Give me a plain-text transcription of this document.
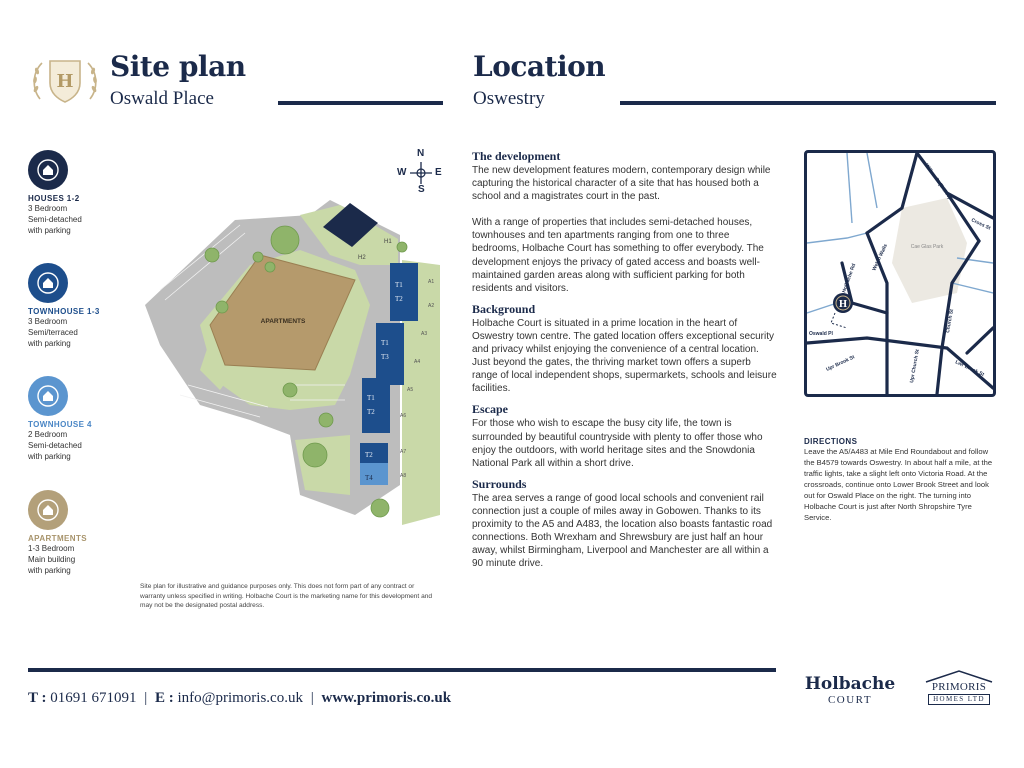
H Site plan
Oswald Place
Location
Oswestry
HOUSES 1-2
3 Bedroom
Semi-detached
with parking
TOWNHOUSE 1-3
3 Bedroom
Semi/terraced
with parking
TOWNHOUSE 4
2 Bedroom
Semi-detached
with parking
APARTMENTS
1-3 Bedroom
Main building
with parking
N
S
E
W
APARTMENTS
H1
H2
T1
T2
T1
T3
T1
T2
T2
T4
A1
A2
A3
A4
A5
A6
A7
A8
Site plan for illustrative and guidance purposes only. This does not form part of any contract or warranty unless specified in writing. Holbache Court is the marketing name for this development and may not be the designated postal address.
The development
The new development features modern, contemporary design while capturing the historical character of a site that has housed both a school and a magistrates court in the past.
With a range of properties that includes semi-detached houses, townhouses and ten apartments ranging from one to three bedrooms, Holbache Court has something to offer everybody. The development enjoys the privacy of gated access and boasts well-maintained garden areas along with sufficient parking for both residents and visitors.
Background
Holbache Court is situated in a prime location in the heart of Oswestry town centre. The gated location offers exceptional security and privacy whilst enjoying the convenience of a central location. Just beyond the gates, the thriving market town offers a superb range of local independent shops, supermarkets, schools and leisure facilities.
Escape
For those who wish to escape the busy city life, the town is surrounded by beautiful countryside with plenty to offer those who enjoy the outdoors, with world heritage sites and the Snowdonia National Park all within a short drive.
Surrounds
The area serves a range of good local schools and convenient rail connection just a couple of miles away in Gobowen. Thanks to its proximity to the A5 and A483, the location also boasts fantastic road connections. Both Wrexham and Shrewsbury are just half an hour away, whilst Birmingham, Liverpool and Manchester are all within a 90 minute drive.
Cae Glas Park
Willow St (B4580)
Cross St
Holbache Rd
Welsh Walls
Oswald Pl
Church St
Upr Brook St	Upr Church St	Lwr Brook St
H
DIRECTIONS
Leave the A5/A483 at Mile End Roundabout and follow the B4579 towards Oswestry. In about half a mile, at the traffic lights, take a slight left onto Victoria Road. At the crossroads, continue onto Lower Brook Street and look out for Oswald Place on the right. The turning into Holbache Court is just after North Shropshire Tyre Service.
T : 01691 671091 | E : info@primoris.co.uk | www.primoris.co.uk
Holbache
COURT
PRIMORIS
HOMES LTD
